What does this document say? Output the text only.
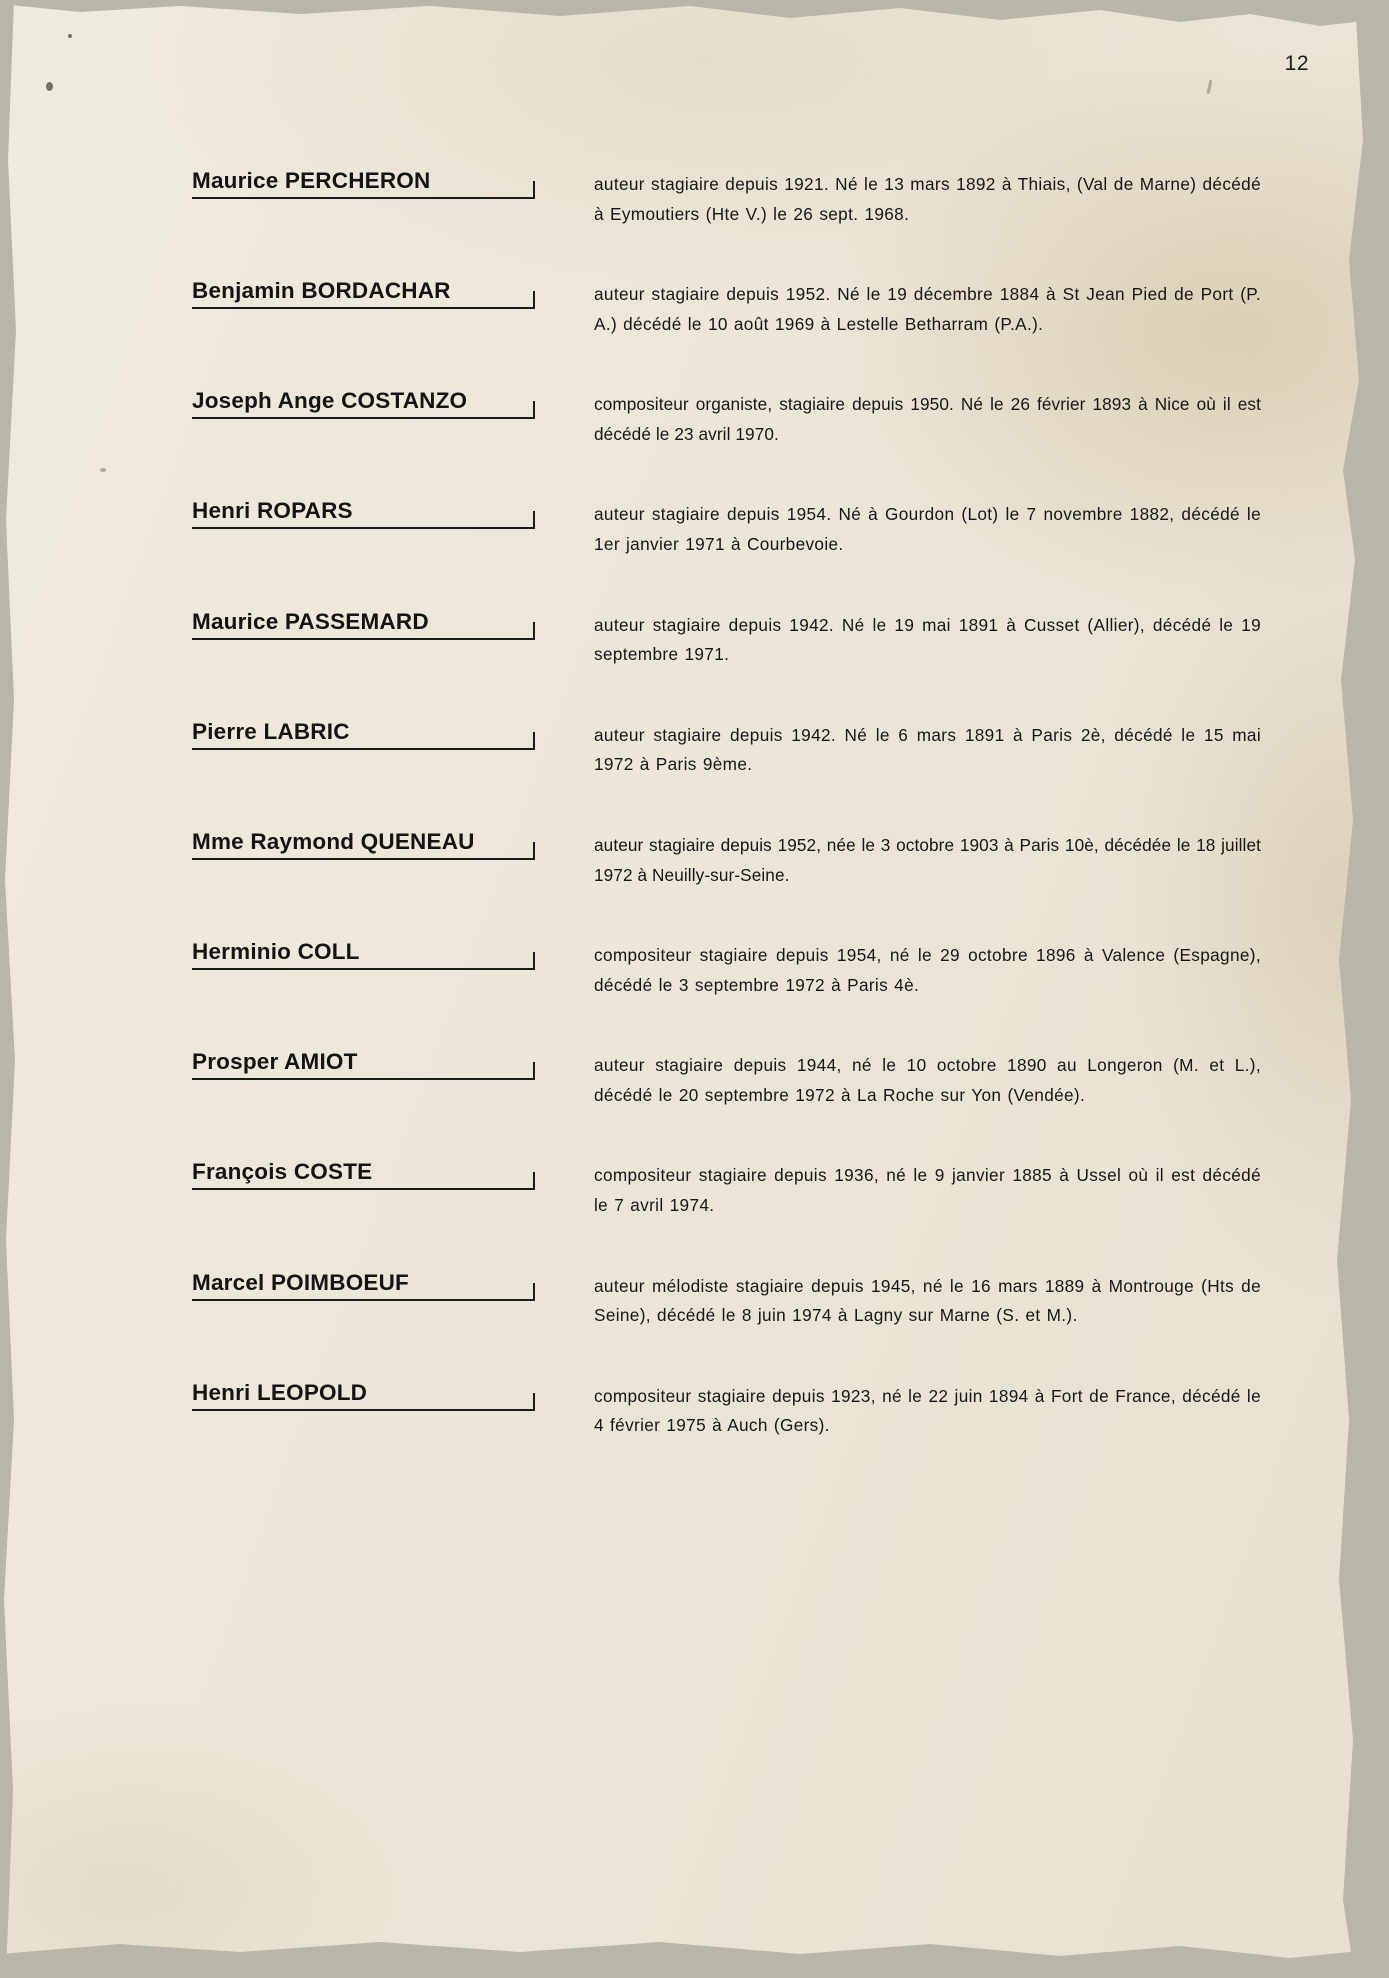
12
Maurice PERCHERON	auteur stagiaire depuis 1921. Né le 13 mars 1892 à Thiais, (Val de Marne) décédé à Eymoutiers (Hte V.) le 26 sept. 1968.
Benjamin BORDACHAR	auteur stagiaire depuis 1952. Né le 19 décembre 1884 à St Jean Pied de Port (P. A.) décédé le 10 août 1969 à Lestelle Betharram (P.A.).
Joseph Ange COSTANZO	compositeur organiste, stagiaire depuis 1950. Né le 26 février 1893 à Nice où il est décédé le 23 avril 1970.
Henri ROPARS	auteur stagiaire depuis 1954. Né à Gourdon (Lot) le 7 novembre 1882, décédé le 1er janvier 1971 à Courbevoie.
Maurice PASSEMARD	auteur stagiaire depuis 1942. Né le 19 mai 1891 à Cusset (Allier), décédé le 19 septembre 1971.
Pierre LABRIC	auteur stagiaire depuis 1942. Né le 6 mars 1891 à Paris 2è, décédé le 15 mai 1972 à Paris 9ème.
Mme Raymond QUENEAU	auteur stagiaire depuis 1952, née le 3 octobre 1903 à Paris 10è, décédée le 18 juillet 1972 à Neuilly-sur-Seine.
Herminio COLL	compositeur stagiaire depuis 1954, né le 29 octobre 1896 à Valence (Espagne), décédé le 3 septembre 1972 à Paris 4è.
Prosper AMIOT	auteur stagiaire depuis 1944, né le 10 octobre 1890 au Longeron (M. et L.), décédé le 20 septembre 1972 à La Roche sur Yon (Vendée).
François COSTE	compositeur stagiaire depuis 1936, né le 9 janvier 1885 à Ussel où il est décédé le 7 avril 1974.
Marcel POIMBOEUF	auteur mélodiste stagiaire depuis 1945, né le 16 mars 1889 à Montrouge (Hts de Seine), décédé le 8 juin 1974 à Lagny sur Marne (S. et M.).
Henri LEOPOLD	compositeur stagiaire depuis 1923, né le 22 juin 1894 à Fort de France, décédé le 4 février 1975 à Auch (Gers).
